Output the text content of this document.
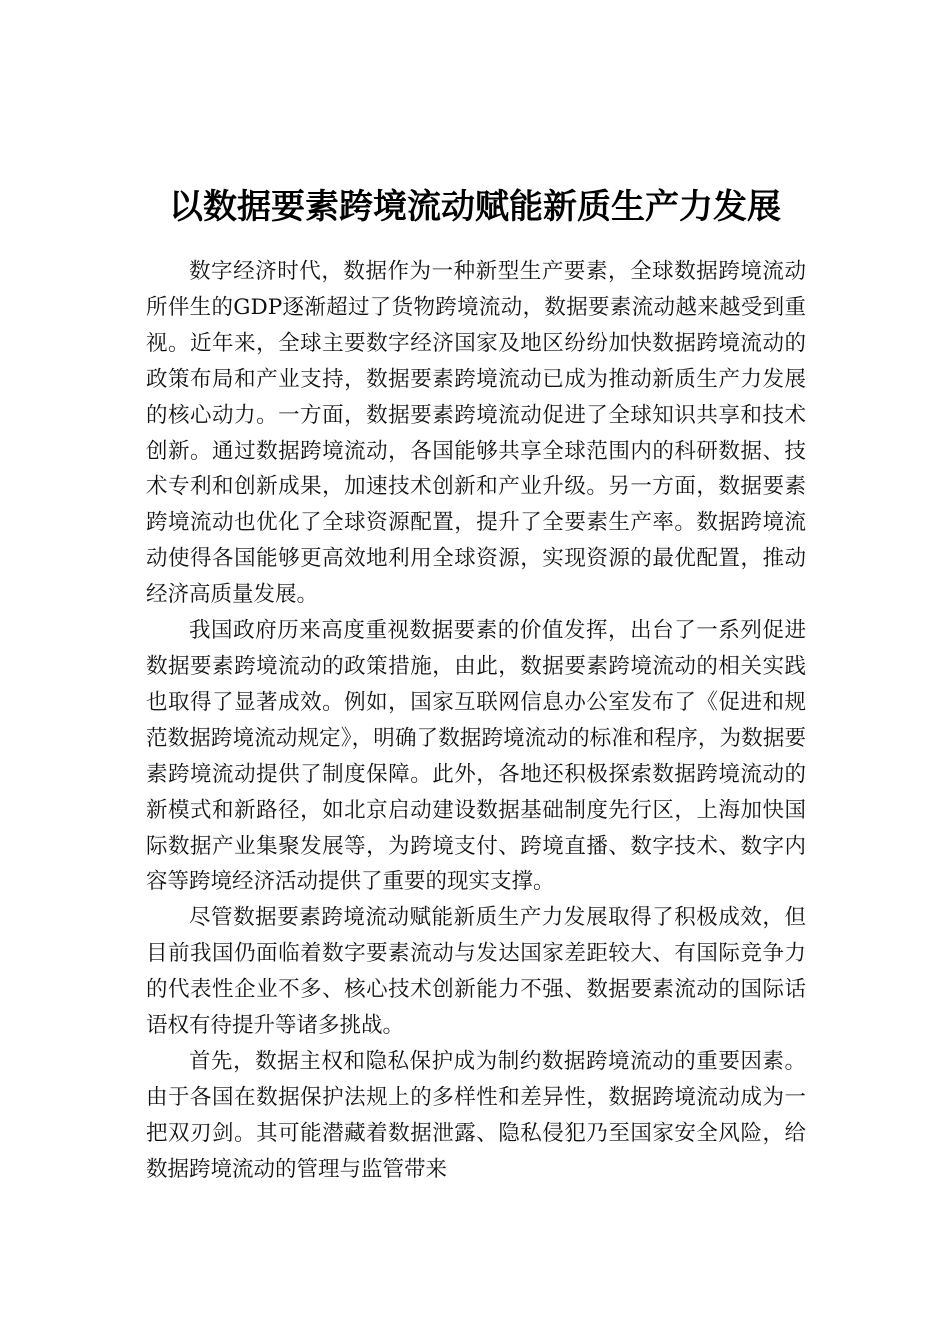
以数据要素跨境流动赋能新质生产力发展

数字经济时代，数据作为一种新型生产要素，全球数据跨境流动所伴生的GDP逐渐超过了货物跨境流动，数据要素流动越来越受到重视。近年来，全球主要数字经济国家及地区纷纷加快数据跨境流动的政策布局和产业支持，数据要素跨境流动已成为推动新质生产力发展的核心动力。一方面，数据要素跨境流动促进了全球知识共享和技术创新。通过数据跨境流动，各国能够共享全球范围内的科研数据、技术专利和创新成果，加速技术创新和产业升级。另一方面，数据要素跨境流动也优化了全球资源配置，提升了全要素生产率。数据跨境流动使得各国能够更高效地利用全球资源，实现资源的最优配置，推动经济高质量发展。

我国政府历来高度重视数据要素的价值发挥，出台了一系列促进数据要素跨境流动的政策措施，由此，数据要素跨境流动的相关实践也取得了显著成效。例如，国家互联网信息办公室发布了《促进和规范数据跨境流动规定》，明确了数据跨境流动的标准和程序，为数据要素跨境流动提供了制度保障。此外，各地还积极探索数据跨境流动的新模式和新路径，如北京启动建设数据基础制度先行区，上海加快国际数据产业集聚发展等，为跨境支付、跨境直播、数字技术、数字内容等跨境经济活动提供了重要的现实支撑。

尽管数据要素跨境流动赋能新质生产力发展取得了积极成效，但目前我国仍面临着数字要素流动与发达国家差距较大、有国际竞争力的代表性企业不多、核心技术创新能力不强、数据要素流动的国际话语权有待提升等诸多挑战。

首先，数据主权和隐私保护成为制约数据跨境流动的重要因素。由于各国在数据保护法规上的多样性和差异性，数据跨境流动成为一把双刃剑。其可能潜藏着数据泄露、隐私侵犯乃至国家安全风险，给数据跨境流动的管理与监管带来
